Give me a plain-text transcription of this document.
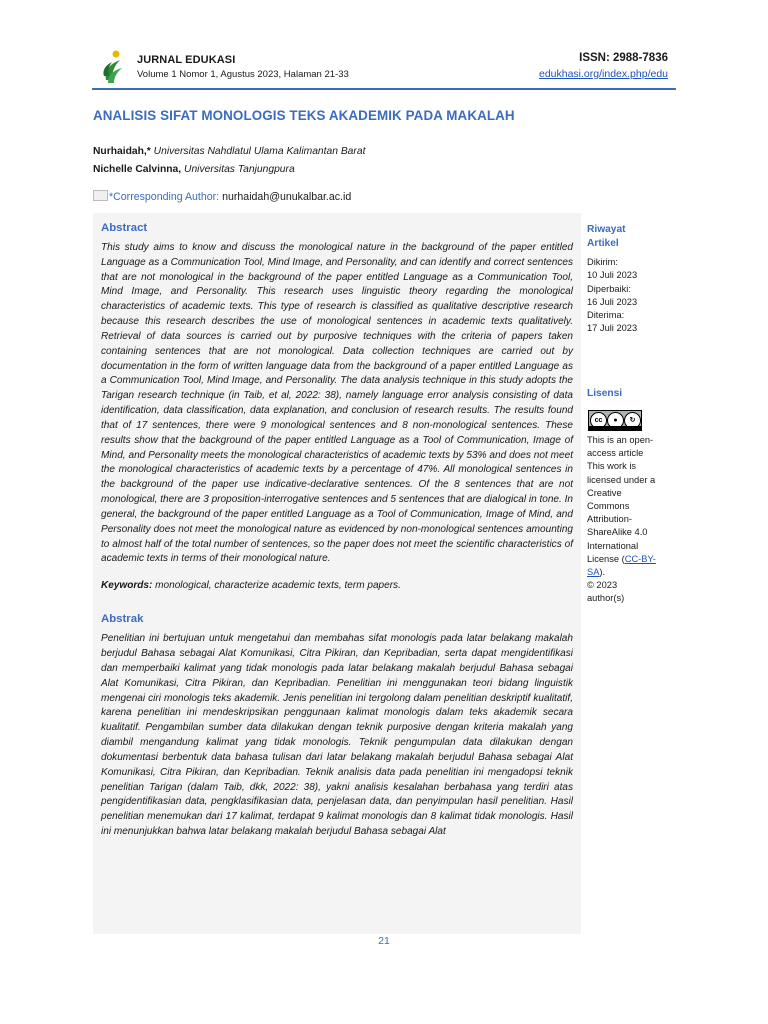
JURNAL EDUKASI
Volume 1 Nomor 1, Agustus 2023, Halaman 21-33
ISSN: 2988-7836
edukhasi.org/index.php/edu
ANALISIS SIFAT MONOLOGIS TEKS AKADEMIK PADA MAKALAH
Nurhaidah,* Universitas Nahdlatul Ulama Kalimantan Barat
Nichelle Calvinna, Universitas Tanjungpura
*Corresponding Author: nurhaidah@unukalbar.ac.id
Abstract

This study aims to know and discuss the monological nature in the background of the paper entitled Language as a Communication Tool, Mind Image, and Personality, and can identify and correct sentences that are not monological in the background of the paper entitled Language as a Communication Tool, Mind Image, and Personality. This research uses linguistic theory regarding the monological characteristics of academic texts. This type of research is classified as qualitative descriptive research because this research describes the use of monological sentences in academic texts qualitatively. Retrieval of data sources is carried out by purposive techniques with the criteria of papers taken containing sentences that are not monological. Data collection techniques are carried out by documentation in the form of written language data from the background of a paper entitled Language as a Communication Tool, Mind Image, and Personality. The data analysis technique in this study adopts the Tarigan research technique (in Taib, et al, 2022: 38), namely language error analysis consisting of data identification, data classification, data explanation, and conclusion of research results. The results found that of 17 sentences, there were 9 monological sentences and 8 non-monological sentences. These results show that the background of the paper entitled Language as a Tool of Communication, Image of Mind, and Personality meets the monological characteristics of academic texts by 53% and does not meet the monological characteristics of academic texts by a percentage of 47%. All monological sentences in the background of the paper use indicative-declarative sentences. Of the 8 sentences that are not monological, there are 3 proposition-interrogative sentences and 5 sentences that are dialogical in tone. In general, the background of the paper entitled Language as a Tool of Communication, Image of Mind, and Personality does not meet the monological nature as evidenced by non-monological sentences amounting to almost half of the total number of sentences, so the paper does not meet the scientific characteristics of academic texts in terms of their monological nature.

Keywords: monological, characterize academic texts, term papers.

Abstrak

Penelitian ini bertujuan untuk mengetahui dan membahas sifat monologis pada latar belakang makalah berjudul Bahasa sebagai Alat Komunikasi, Citra Pikiran, dan Kepribadian, serta dapat mengidentifikasi dan memperbaiki kalimat yang tidak monologis pada latar belakang makalah berjudul Bahasa sebagai Alat Komunikasi, Citra Pikiran, dan Kepribadian. Penelitian ini menggunakan teori bidang linguistik mengenai ciri monologis teks akademik. Jenis penelitian ini tergolong dalam penelitian deskriptif kualitatif, karena penelitian ini mendeskripsikan penggunaan kalimat monologis dalam teks akademik secara kualitatif. Pengambilan sumber data dilakukan dengan teknik purposive dengan kriteria makalah yang diambil mengandung kalimat yang tidak monologis. Teknik pengumpulan data dilakukan dengan dokumentasi berbentuk data bahasa tulisan dari latar belakang makalah berjudul Bahasa sebagai Alat Komunikasi, Citra Pikiran, dan Kepribadian. Teknik analisis data pada penelitian ini mengadopsi teknik penelitian Tarigan (dalam Taib, dkk, 2022: 38), yakni analisis kesalahan berbahasa yang terdiri atas pengidentifikasian data, pengklasifikasian data, penjelasan data, dan penyimpulan hasil penelitian. Hasil penelitian menemukan dari 17 kalimat, terdapat 9 kalimat monologis dan 8 kalimat tidak monologis. Hasil ini menunjukkan bahwa latar belakang makalah berjudul Bahasa sebagai Alat

Riwayat
Artikel
Dikirim:
10 Juli 2023
Diperbaiki:
16 Juli 2023
Diterima:
17 Juli 2023
Lisensi
cc	●	↻
This is an open-
access article
This work is
licensed under a
Creative
Commons
Attribution-
ShareAlike 4.0
International
License (CC-BY-
SA).
© 2023
author(s)
21
